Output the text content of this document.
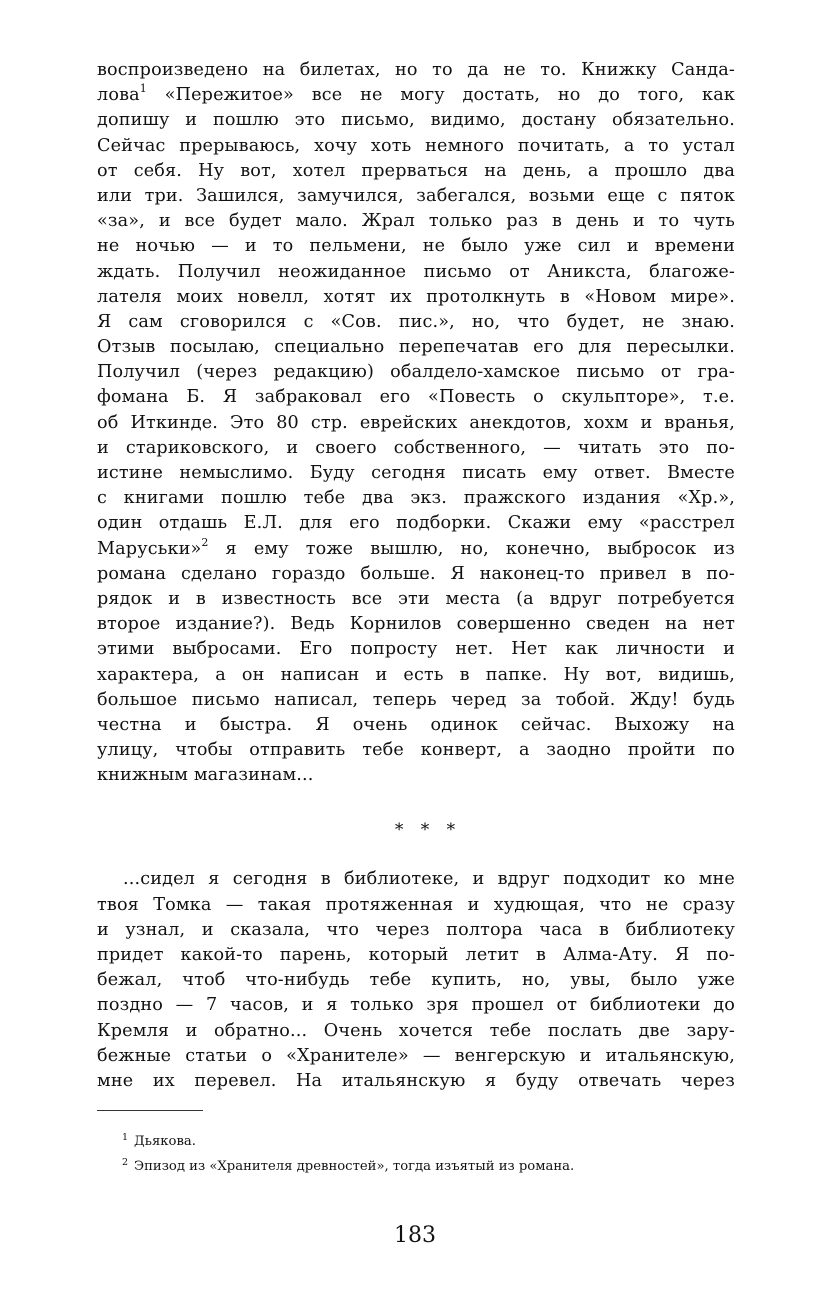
воспроизведено на билетах, но то да не то. Книжку Сандa-
лова$^1$ «Пережитое» все не могу достать, но до того, как
допишу и пошлю это письмо, видимо, достану обязательно.
Сейчас прерываюсь, хочу хоть немного почитать, а то устал
от себя. Ну вот, хотел прерваться на день, а прошло два
или три. Зашился, замучился, забегался, возьми еще с пяток
«за», и все будет мало. Жрал только раз в день и то чуть
не ночью — и то пельмени, не было уже сил и времени
ждать. Получил неожиданное письмо от Аникста, благоже-
лателя моих новелл, хотят их протолкнуть в «Новом мире».
Я сам сговорился с «Сов. пис.», но, что будет, не знаю.
Отзыв посылаю, специально перепечатав его для пересылки.
Получил (через редакцию) обалдело-хамское письмо от гра-
фомана Б. Я забраковал его «Повесть о скульпторе», т.е.
об Иткинде. Это 80 стр. еврейских анекдотов, хохм и вранья,
и стариковского, и своего собственного, — читать это по-
истине немыслимо. Буду сегодня писать ему ответ. Вместе
с книгами пошлю тебе два экз. пражского издания «Хр.»,
один отдашь Е.Л. для его подборки. Скажи ему «расстрел
Маруськи»$^2$ я ему тоже вышлю, но, конечно, выбросок из
романа сделано гораздо больше. Я наконец-то привел в по-
рядок и в известность все эти места (а вдруг потребуется
второе издание?). Ведь Корнилов совершенно сведен на нет
этими выбросами. Его попросту нет. Нет как личности и
характера, а он написан и есть в папке. Ну вот, видишь,
большое письмо написал, теперь черед за тобой. Жду! будь
честна и быстра. Я очень одинок сейчас. Выхожу на
улицу, чтобы отправить тебе конверт, а заодно пройти по
книжным магазинам...
* * *
...сидел я сегодня в библиотеке, и вдруг подходит ко мне
твоя Томка — такая протяженная и худющая, что не сразу
и узнал, и сказала, что через полтора часа в библиотеку
придет какой-то парень, который летит в Алма-Ату. Я по-
бежал, чтоб что-нибудь тебе купить, но, увы, было уже
поздно — 7 часов, и я только зря прошел от библиотеки до
Кремля и обратно... Очень хочется тебе послать две зару-
бежные статьи о «Хранителе» — венгерскую и итальянскую,
мне их перевел. На итальянскую я буду отвечать через
$^1$ Дьякова.
$^2$ Эпизод из «Хранителя древностей», тогда изъятый из романа.
183
